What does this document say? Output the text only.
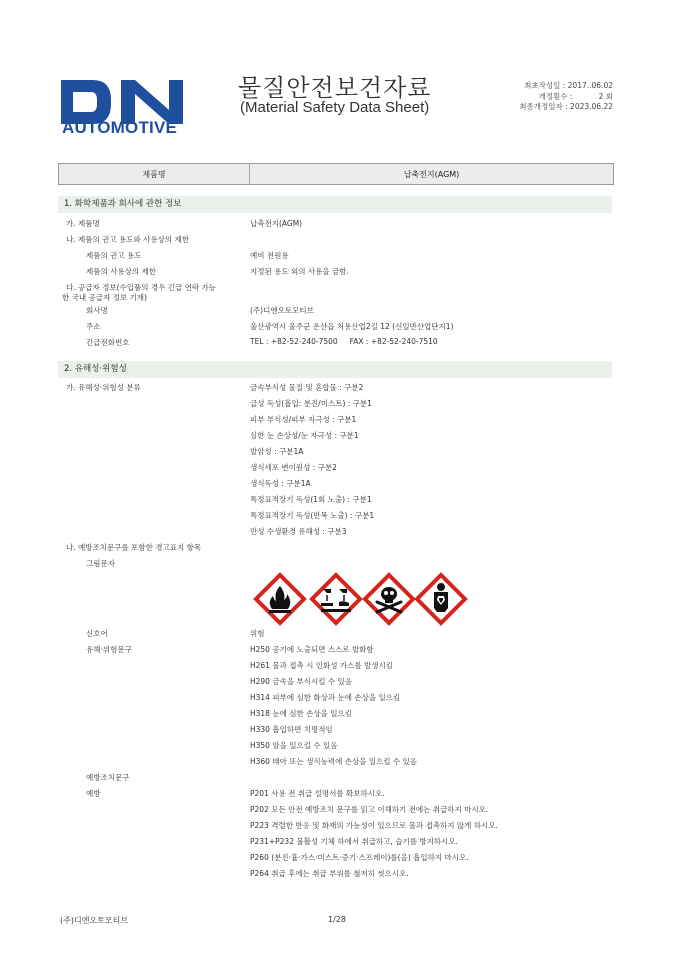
AUTOMOTIVE
물질안전보건자료
(Material Safety Data Sheet)
최초작성일 : 2017..06.02
개정횟수 :           2 회
최종개정일자 : 2023.06.22
제품명	납축전지(AGM)
1. 화학제품과 회사에 관한 정보
가. 제품명	납축전지(AGM)
나. 제품의 권고 용도와 사용상의 제한
제품의 권고 용도	예비 전원용
제품의 사용상의 제한	지정된 용도 외의 사용을 금함.
다. 공급자 정보(수입품의 경우 긴급 연락 가능
한 국내 공급자 정보 기재)
회사명	(주)디엔오토모티브
주소	울산광역시 울주군 온산읍 처용산업2길 12 (신일반산업단지1)
긴급전화번호	TEL : +82-52-240-7500     FAX : +82-52-240-7510
2. 유해성·위험성
가. 유해성·위험성 분류	금속부식성 물질 및 혼합물 : 구분2
급성 독성(흡입: 분진/미스트) : 구분1
피부 부식성/피부 자극성 : 구분1
심한 눈 손상성/눈 자극성 : 구분1
발암성 : 구분1A
생식세포 변이원성 : 구분2
생식독성 : 구분1A
특정표적장기 독성(1회 노출) : 구분1
특정표적장기 독성(반복 노출) : 구분1
만성 수생환경 유해성 : 구분3
나. 예방조치문구를 포함한 경고표지 항목
그림문자
신호어	위험
유해·위험문구	H250 공기에 노출되면 스스로 발화함
H261 물과 접촉 시 인화성 가스를 발생시킴
H290 금속을 부식시킬 수 있음
H314 피부에 심한 화상과 눈에 손상을 일으킴
H318 눈에 심한 손상을 일으킴
H330 흡입하면 치명적임
H350 암을 일으킬 수 있음
H360 태아 또는 생식능력에 손상을 일으킬 수 있음
예방조치문구
예방	P201 사용 전 취급 설명서를 확보하시오.
P202 모든 안전 예방조치 문구를 읽고 이해하기 전에는 취급하지 마시오.
P223 격렬한 반응 및 화재의 가능성이 있으므로 물과 접촉하지 않게 하시오.
P231+P232 불활성 기체 하에서 취급하고, 습기를 방지하시오.
P260 (분진·흄·가스·미스트·증기·스프레이)를(을) 흡입하지 마시오.
P264 취급 후에는 취급 부위를 철저히 씻으시오.
(주)디엔오토모티브	1/28
